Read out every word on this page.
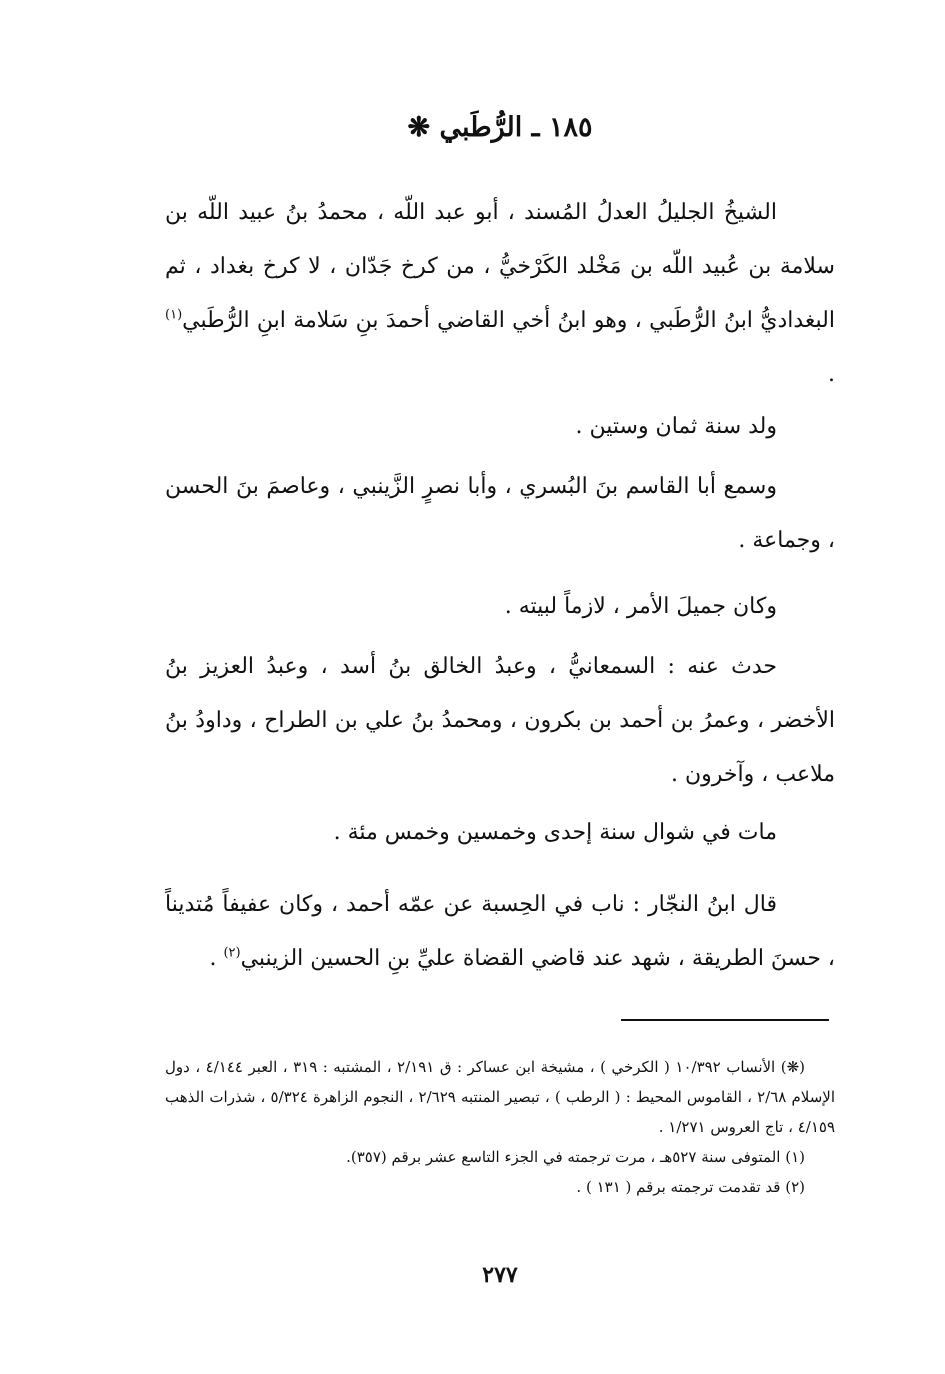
١٨٥ ـ الرُّطَبي ❋

الشيخُ الجليلُ العدلُ المُسند ، أبو عبد اللّه ، محمدُ بنُ عبيد اللّه بن سلامة بن عُبيد اللّه بن مَخْلد الكَرْخيُّ ، من كرخ جَدّان ، لا كرخ بغداد ، ثم البغداديُّ ابنُ الرُّطَبي ، وهو ابنُ أخي القاضي أحمدَ بنِ سَلامة ابنِ الرُّطَبي$^{(١)}$ .

ولد سنة ثمان وستين .

وسمع أبا القاسم بنَ البُسري ، وأبا نصرٍ الزَّينبي ، وعاصمَ بنَ الحسن ، وجماعة .

وكان جميلَ الأمر ، لازماً لبيته .

حدث عنه : السمعانيُّ ، وعبدُ الخالق بنُ أسد ، وعبدُ العزيز بنُ الأخضر ، وعمرُ بن أحمد بن بكرون ، ومحمدُ بنُ علي بن الطراح ، وداودُ بنُ ملاعب ، وآخرون .

مات في شوال سنة إحدى وخمسين وخمس مئة .

قال ابنُ النجّار : ناب في الحِسبة عن عمّه أحمد ، وكان عفيفاً مُتديناً ، حسنَ الطريقة ، شهد عند قاضي القضاة عليِّ بنِ الحسين الزينبي$^{(٢)}$ .

(❋) الأنساب ١٠/٣٩٢ ( الكرخي ) ، مشيخة ابن عساكر : ق ٢/١٩١ ، المشتبه : ٣١٩ ، العبر ٤/١٤٤ ، دول الإسلام ٢/٦٨ ، القاموس المحيط : ( الرطب ) ، تبصير المنتبه ٢/٦٢٩ ، النجوم الزاهرة ٥/٣٢٤ ، شذرات الذهب ٤/١٥٩ ، تاج العروس ١/٢٧١ .
(١) المتوفى سنة ٥٢٧هـ ، مرت ترجمته في الجزء التاسع عشر برقم (٣٥٧).
(٢) قد تقدمت ترجمته برقم ( ١٣١ ) .
٢٧٧
